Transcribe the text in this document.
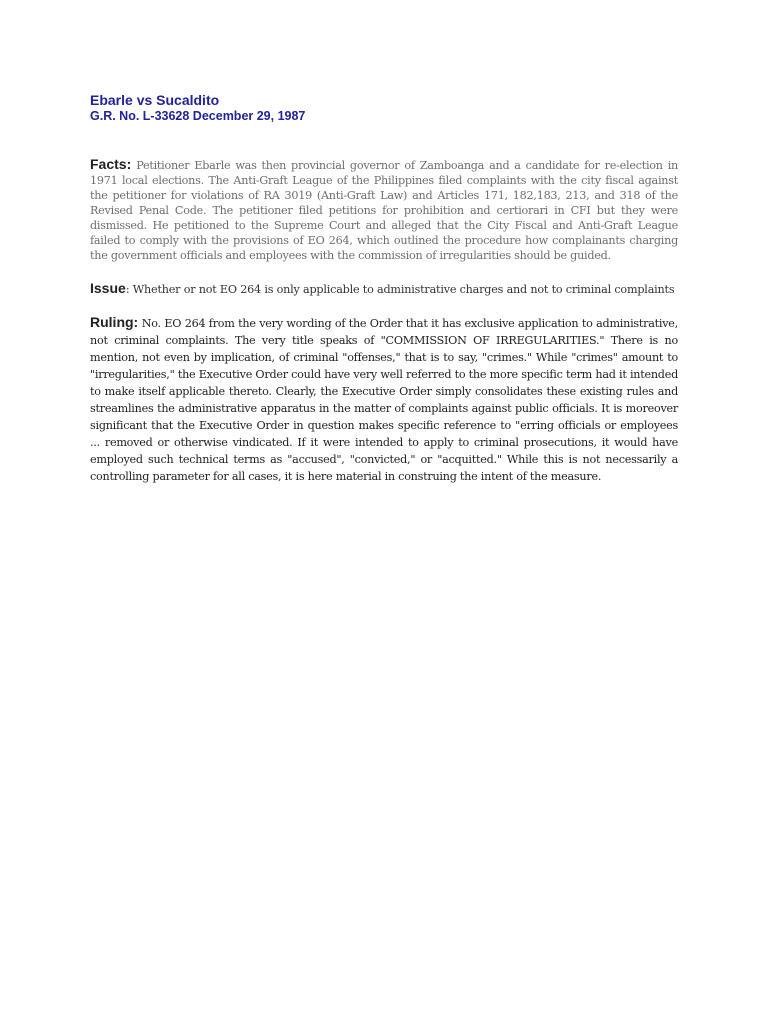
Ebarle vs Sucaldito

G.R. No. L-33628 December 29, 1987

Facts: Petitioner Ebarle was then provincial governor of Zamboanga and a candidate for re-election in 1971 local elections. The Anti-Graft League of the Philippines filed complaints with the city fiscal against the petitioner for violations of RA 3019 (Anti-Graft Law) and Articles 171, 182,183, 213, and 318 of the Revised Penal Code. The petitioner filed petitions for prohibition and certiorari in CFI but they were dismissed. He petitioned to the Supreme Court and alleged that the City Fiscal and Anti-Graft League failed to comply with the provisions of EO 264, which outlined the procedure how complainants charging the government officials and employees with the commission of irregularities should be guided.

Issue: Whether or not EO 264 is only applicable to administrative charges and not to criminal complaints

Ruling: No. EO 264 from the very wording of the Order that it has exclusive application to administrative, not criminal complaints. The very title speaks of "COMMISSION OF IRREGULARITIES." There is no mention, not even by implication, of criminal "offenses," that is to say, "crimes." While "crimes" amount to "irregularities," the Executive Order could have very well referred to the more specific term had it intended to make itself applicable thereto. Clearly, the Executive Order simply consolidates these existing rules and streamlines the administrative apparatus in the matter of complaints against public officials. It is moreover significant that the Executive Order in question makes specific reference to "erring officials or employees ... removed or otherwise vindicated. If it were intended to apply to criminal prosecutions, it would have employed such technical terms as "accused", "convicted," or "acquitted." While this is not necessarily a controlling parameter for all cases, it is here material in construing the intent of the measure.
